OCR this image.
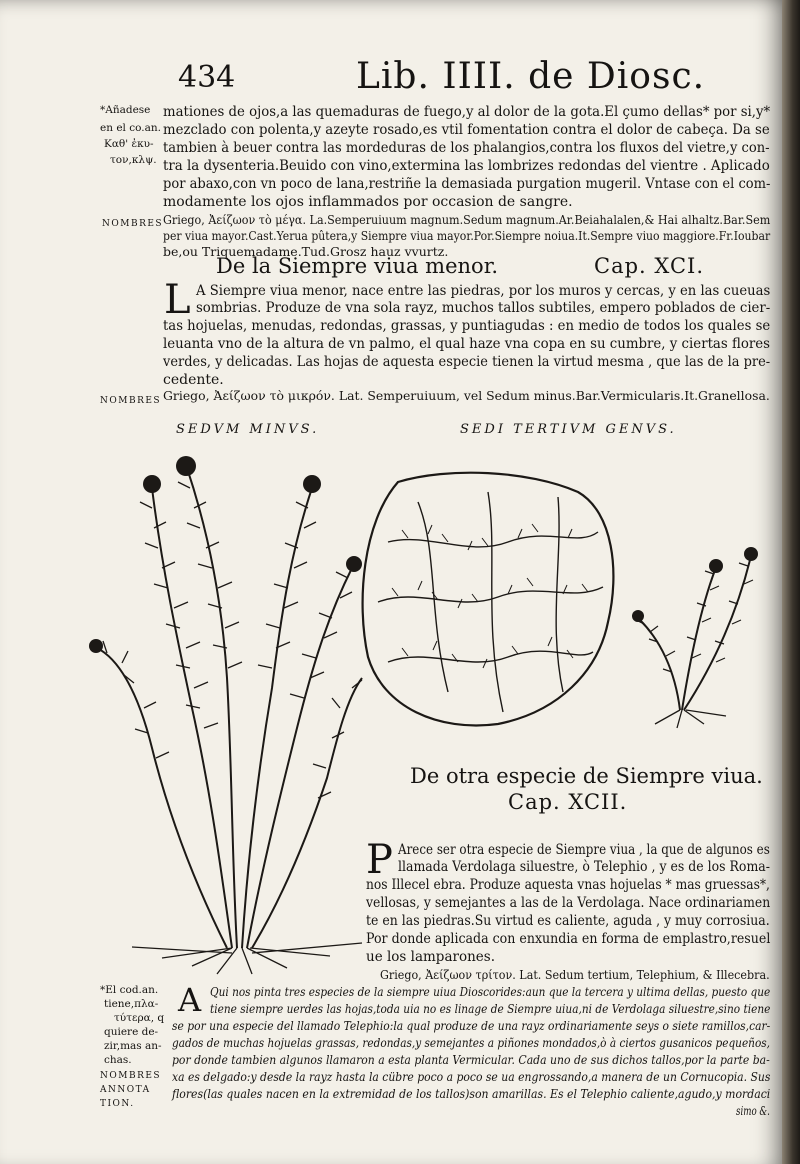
434	Lib. IIII. de Diosc.
*Añadese
en el co.an.
Καθ' ἐκυ-
τον,κλψ.
mationes de ojos,a las quemaduras de fuego,y al dolor de la gota.El çumo dellas* por si,y*
mezclado con polenta,y azeyte rosado,es vtil fomentation contra el dolor de cabeça. Da se
tambien à beuer contra las mordeduras de los phalangios,contra los fluxos del vietre,y con-
tra la dysenteria.Beuido con vino,extermina las lombrizes redondas del vientre . Aplicado
por abaxo,con vn poco de lana,restriñe la demasiada purgation mugeril. Vntase con el com-
modamente los ojos inflammados por occasion de sangre.
NOMBRES Griego, Ἀείζωον τὸ μέγα. La.Semperuiuum magnum.Sedum magnum.Ar.Beiahalalen,& Hai alhaltz.Bar.Sem
per viua mayor.Cast.Yerua pûtera,y Siempre viua mayor.Por.Siempre noiua.It.Sempre viuo maggiore.Fr.Ioubar
be,ou Triquemadame.Tud.Grosz hauz vvurtz.
De la Siempre viua menor.	Cap. XCI.
L A Siempre viua menor, nace entre las piedras, por los muros y cercas, y en las cueuas
sombrias. Produze de vna sola rayz, muchos tallos subtiles, empero poblados de cier-
tas hojuelas, menudas, redondas, grassas, y puntiagudas : en medio de todos los quales se
leuanta vno de la altura de vn palmo, el qual haze vna copa en su cumbre, y ciertas flores
verdes, y delicadas. Las hojas de aquesta especie tienen la virtud mesma , que las de la pre-
cedente.
NOMBRES Griego, Ἀείζωον τὸ μικρόν. Lat. Semperuiuum, vel Sedum minus.Bar.Vermicularis.It.Granellosa.
SEDVM MINVS.	SEDI TERTIVM GENVS.
De otra especie de Siempre viua.
Cap. XCII.
P Arece ser otra especie de Siempre viua , la que de algunos es
llamada Verdolaga siluestre, ò Telephio , y es de los Roma-
nos Illecel ebra. Produze aquesta vnas hojuelas * mas gruessas*,
vellosas, y semejantes a las de la Verdolaga. Nace ordinariamen
te en las piedras.Su virtud es caliente, aguda , y muy corrosiua.
Por donde aplicada con enxundia en forma de emplastro,resuel
ue los lamparones.
Griego, Ἀείζωον τρίτον. Lat. Sedum tertium, Telephium, & Illecebra.
*El cod.an.
tiene,πλα-
τύτερα, q
quiere de-
zir,mas an-
chas.
NOMBRES
ANNOTA
TION.
A Qui nos pinta tres especies de la siempre uiua Dioscorides:aun que la tercera y ultima dellas, puesto que
tiene siempre uerdes las hojas,toda uia no es linage de Siempre uiua,ni de Verdolaga siluestre,sino tiene
se por una especie del llamado Telephio:la qual produze de una rayz ordinariamente seys o siete ramillos,car-
gados de muchas hojuelas grassas, redondas,y semejantes a piñones mondados,ò à ciertos gusanicos pequeños,
por donde tambien algunos llamaron a esta planta Vermicular. Cada uno de sus dichos tallos,por la parte ba-
xa es delgado:y desde la rayz hasta la cübre poco a poco se ua engrossando,a manera de un Cornucopia. Sus
flores(las quales nacen en la extremidad de los tallos)son amarillas. Es el Telephio caliente,agudo,y mordaci
simo &.
